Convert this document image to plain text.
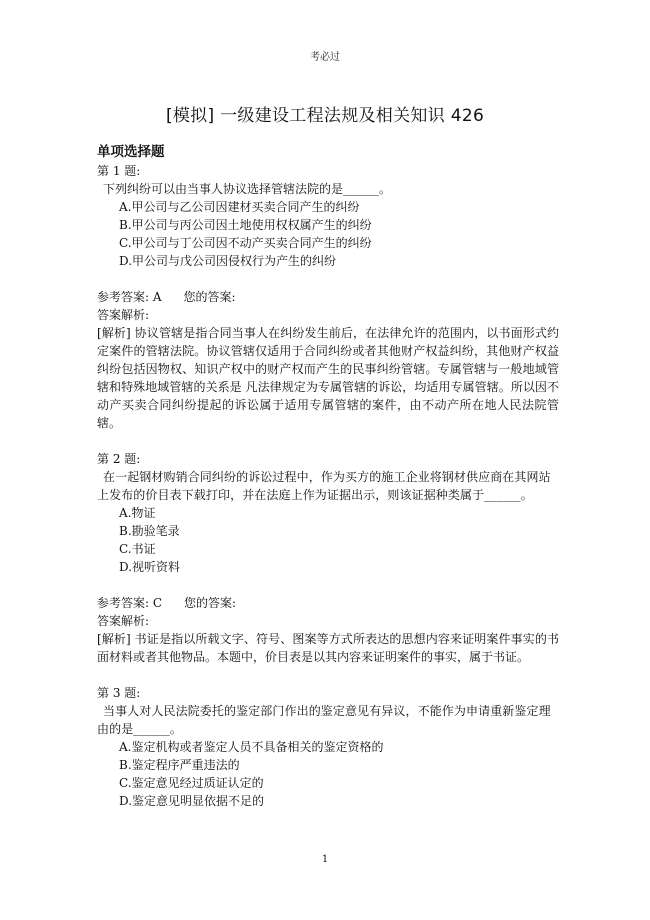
考必过
[模拟] 一级建设工程法规及相关知识 426
单项选择题
第 1 题:
下列纠纷可以由当事人协议选择管辖法院的是______。
A.甲公司与乙公司因建材买卖合同产生的纠纷
B.甲公司与丙公司因土地使用权权属产生的纠纷
C.甲公司与丁公司因不动产买卖合同产生的纠纷
D.甲公司与戊公司因侵权行为产生的纠纷
参考答案: A 您的答案:
答案解析:
[解析] 协议管辖是指合同当事人在纠纷发生前后，在法律允许的范围内，以书面形式约定案件的管辖法院。协议管辖仅适用于合同纠纷或者其他财产权益纠纷，其他财产权益纠纷包括因物权、知识产权中的财产权而产生的民事纠纷管辖。专属管辖与一般地域管辖和特殊地域管辖的关系是 凡法律规定为专属管辖的诉讼，均适用专属管辖。所以因不动产买卖合同纠纷提起的诉讼属于适用专属管辖的案件，由不动产所在地人民法院管辖。
第 2 题:
在一起钢材购销合同纠纷的诉讼过程中，作为买方的施工企业将钢材供应商在其网站上发布的价目表下载打印，并在法庭上作为证据出示，则该证据种类属于______。
A.物证
B.勘验笔录
C.书证
D.视听资料
参考答案: C 您的答案:
答案解析:
[解析] 书证是指以所载文字、符号、图案等方式所表达的思想内容来证明案件事实的书面材料或者其他物品。本题中，价目表是以其内容来证明案件的事实，属于书证。
第 3 题:
当事人对人民法院委托的鉴定部门作出的鉴定意见有异议，不能作为申请重新鉴定理由的是______。
A.鉴定机构或者鉴定人员不具备相关的鉴定资格的
B.鉴定程序严重违法的
C.鉴定意见经过质证认定的
D.鉴定意见明显依据不足的
1
